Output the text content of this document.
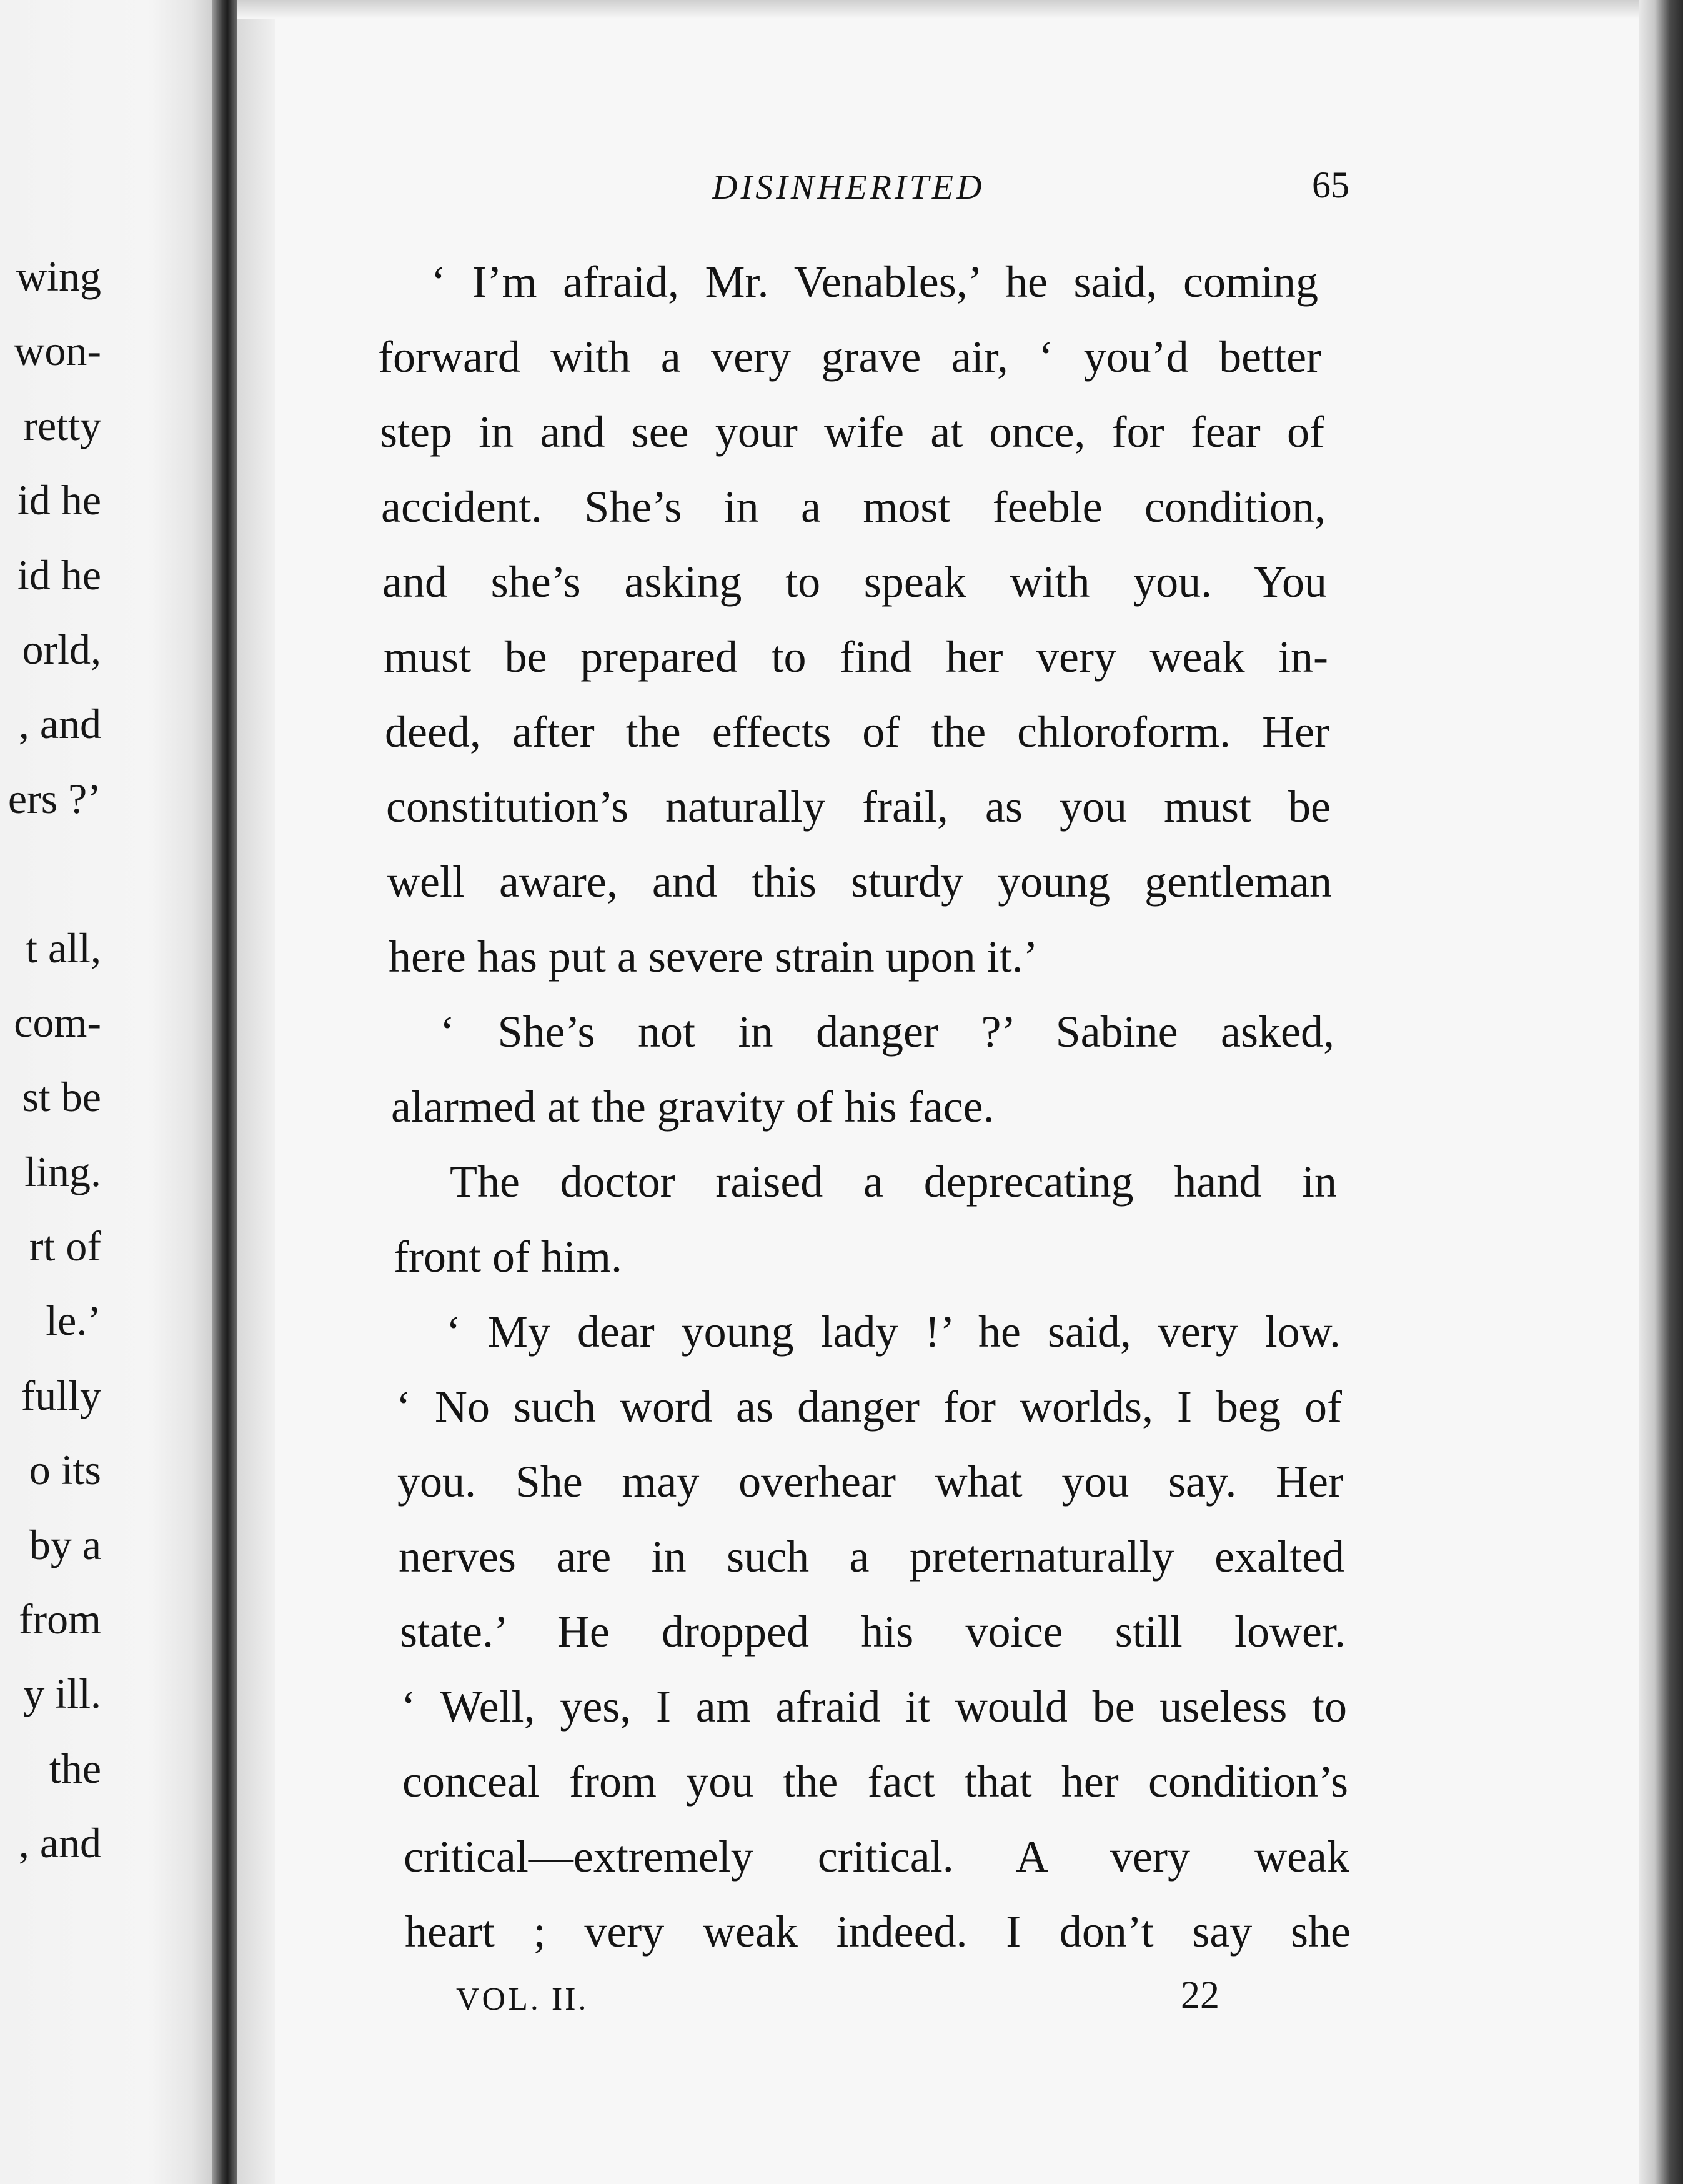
wing
won-
retty
id he
id he
orld,
, and
ers ?’
t all,
com-
st be
ling.
rt of
le.’
fully
o its
by a
from
y ill.
the
, and
DISINHERITED	65
‘ I’m afraid, Mr. Venables,’ he said, coming
forward with a very grave air, ‘ you’d better
step in and see your wife at once, for fear of
accident. She’s in a most feeble condition,
and she’s asking to speak with you. You
must be prepared to find her very weak in-
deed, after the effects of the chloroform. Her
constitution’s naturally frail, as you must be
well aware, and this sturdy young gentleman
here has put a severe strain upon it.’
‘ She’s not in danger ?’ Sabine asked,
alarmed at the gravity of his face.
The doctor raised a deprecating hand in
front of him.
‘ My dear young lady !’ he said, very low.
‘ No such word as danger for worlds, I beg of
you. She may overhear what you say. Her
nerves are in such a preternaturally exalted
state.’ He dropped his voice still lower.
‘ Well, yes, I am afraid it would be useless to
conceal from you the fact that her condition’s
critical—extremely critical. A very weak
heart ; very weak indeed. I don’t say she
VOL. II.	22
